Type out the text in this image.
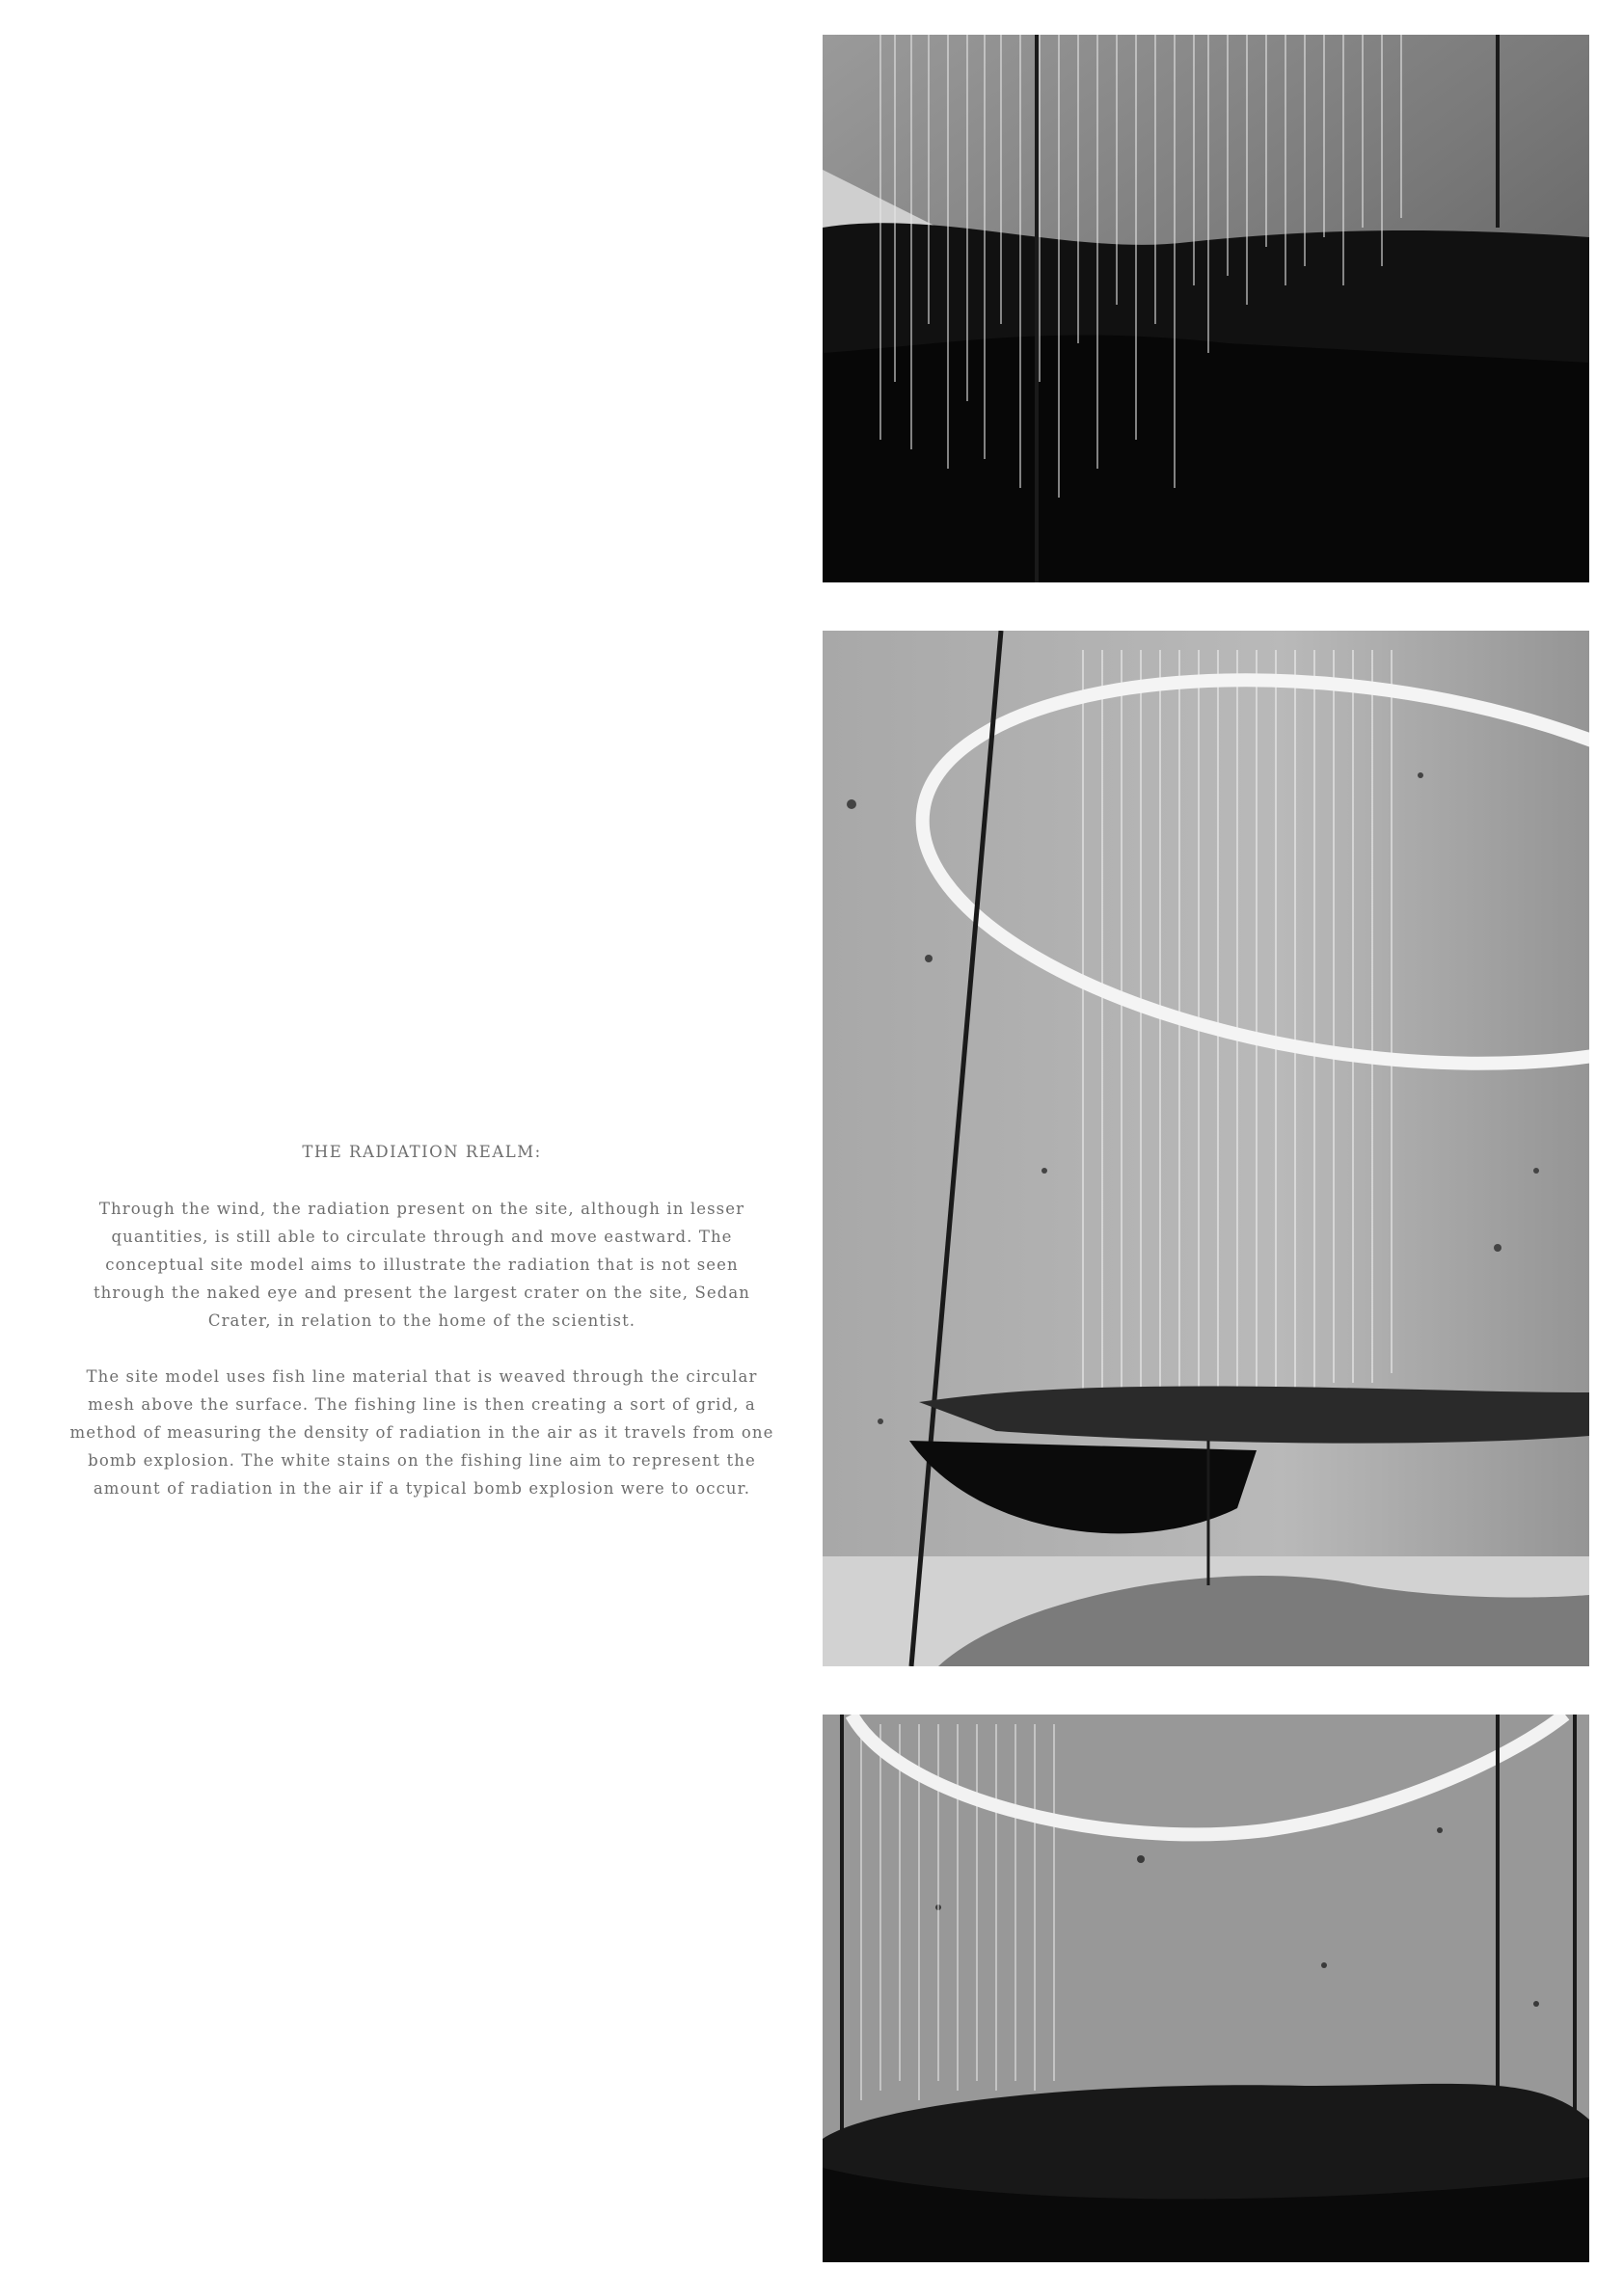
THE RADIATION REALM:

Through the wind, the radiation present on the site, although in lesser quantities, is still able to circulate through and move eastward. The conceptual site model aims to illustrate the radiation that is not seen through the naked eye and present the largest crater on the site, Sedan Crater, in relation to the home of the scientist.

The site model uses fish line material that is weaved through the circular mesh above the surface. The fishing line is then creating a sort of grid, a method of measuring the density of radiation in the air as it travels from one bomb explosion. The white stains on the fishing line aim to represent the amount of radiation in the air if a typical bomb explosion were to occur.
